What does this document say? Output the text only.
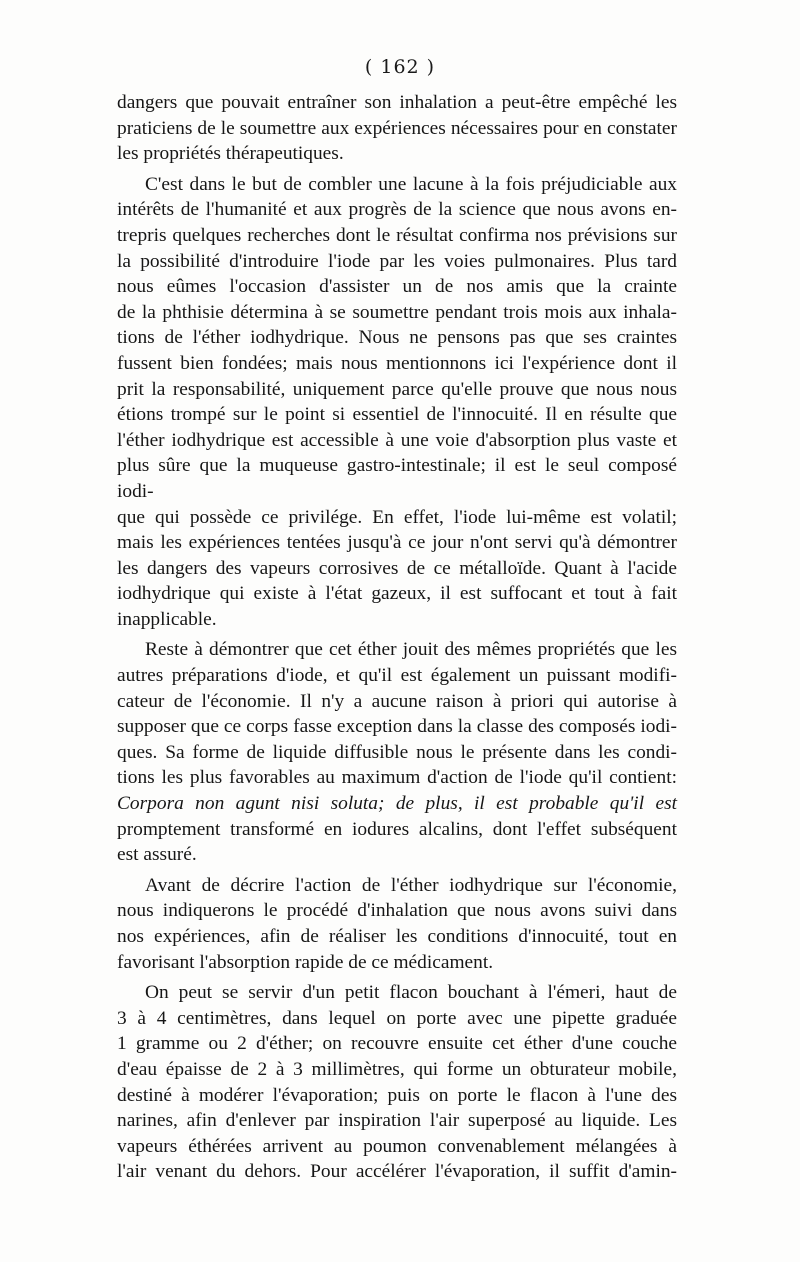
( 162 )

dangers que pouvait entraîner son inhalation a peut-être empêché les
praticiens de le soumettre aux expériences nécessaires pour en constater
les propriétés thérapeutiques.

C'est dans le but de combler une lacune à la fois préjudiciable aux
intérêts de l'humanité et aux progrès de la science que nous avons en-
trepris quelques recherches dont le résultat confirma nos prévisions sur
la possibilité d'introduire l'iode par les voies pulmonaires. Plus tard
nous eûmes l'occasion d'assister un de nos amis que la crainte
de la phthisie détermina à se soumettre pendant trois mois aux inhala-
tions de l'éther iodhydrique. Nous ne pensons pas que ses craintes
fussent bien fondées; mais nous mentionnons ici l'expérience dont il
prit la responsabilité, uniquement parce qu'elle prouve que nous nous
étions trompé sur le point si essentiel de l'innocuité. Il en résulte que
l'éther iodhydrique est accessible à une voie d'absorption plus vaste et
plus sûre que la muqueuse gastro-intestinale; il est le seul composé iodi-
que qui possède ce privilége. En effet, l'iode lui-même est volatil;
mais les expériences tentées jusqu'à ce jour n'ont servi qu'à démontrer
les dangers des vapeurs corrosives de ce métalloïde. Quant à l'acide
iodhydrique qui existe à l'état gazeux, il est suffocant et tout à fait
inapplicable.

Reste à démontrer que cet éther jouit des mêmes propriétés que les
autres préparations d'iode, et qu'il est également un puissant modifi-
cateur de l'économie. Il n'y a aucune raison à priori qui autorise à
supposer que ce corps fasse exception dans la classe des composés iodi-
ques. Sa forme de liquide diffusible nous le présente dans les condi-
tions les plus favorables au maximum d'action de l'iode qu'il contient:
Corpora non agunt nisi soluta; de plus, il est probable qu'il est
promptement transformé en iodures alcalins, dont l'effet subséquent
est assuré.

Avant de décrire l'action de l'éther iodhydrique sur l'économie,
nous indiquerons le procédé d'inhalation que nous avons suivi dans
nos expériences, afin de réaliser les conditions d'innocuité, tout en
favorisant l'absorption rapide de ce médicament.

On peut se servir d'un petit flacon bouchant à l'émeri, haut de
3 à 4 centimètres, dans lequel on porte avec une pipette graduée
1 gramme ou 2 d'éther; on recouvre ensuite cet éther d'une couche
d'eau épaisse de 2 à 3 millimètres, qui forme un obturateur mobile,
destiné à modérer l'évaporation; puis on porte le flacon à l'une des
narines, afin d'enlever par inspiration l'air superposé au liquide. Les
vapeurs éthérées arrivent au poumon convenablement mélangées à
l'air venant du dehors. Pour accélérer l'évaporation, il suffit d'amin-
